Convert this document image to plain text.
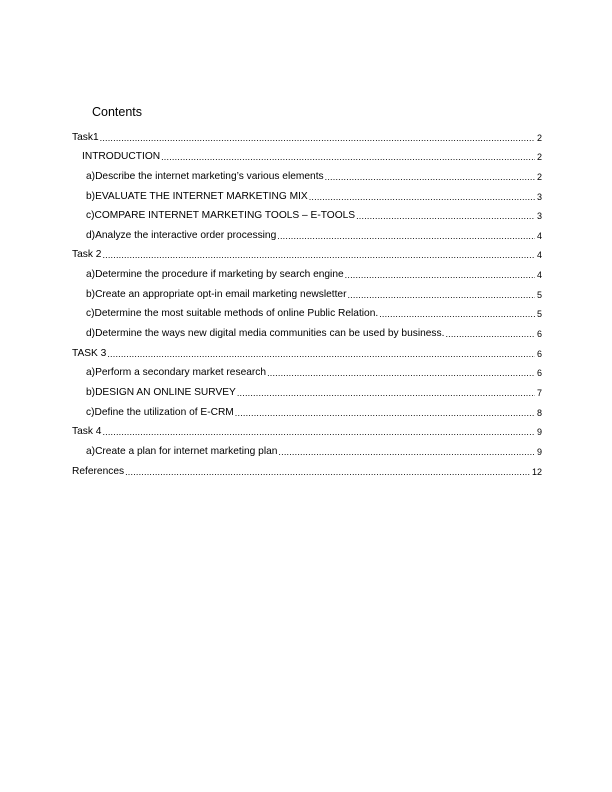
Contents
Task1 .....	2
INTRODUCTION .....	2
a) Describe the internet marketing’s various elements .....	2
b) EVALUATE THE INTERNET MARKETING MIX .....	3
c) COMPARE INTERNET MARKETING TOOLS – E-TOOLS .....	3
d) Analyze the interactive order processing .....	4
Task 2 .....	4
a) Determine the procedure if marketing by search engine .....	4
b) Create an appropriate opt-in email marketing newsletter .....	5
c) Determine the most suitable methods of online Public Relation. .....	5
d) Determine the ways new digital media communities can be used by business. .....	6
TASK 3 .....	6
a) Perform a secondary market research .....	6
b) DESIGN AN ONLINE SURVEY .....	7
c) Define the utilization of E-CRM .....	8
Task 4 .....	9
a) Create a plan for internet marketing plan .....	9
References .....	12
